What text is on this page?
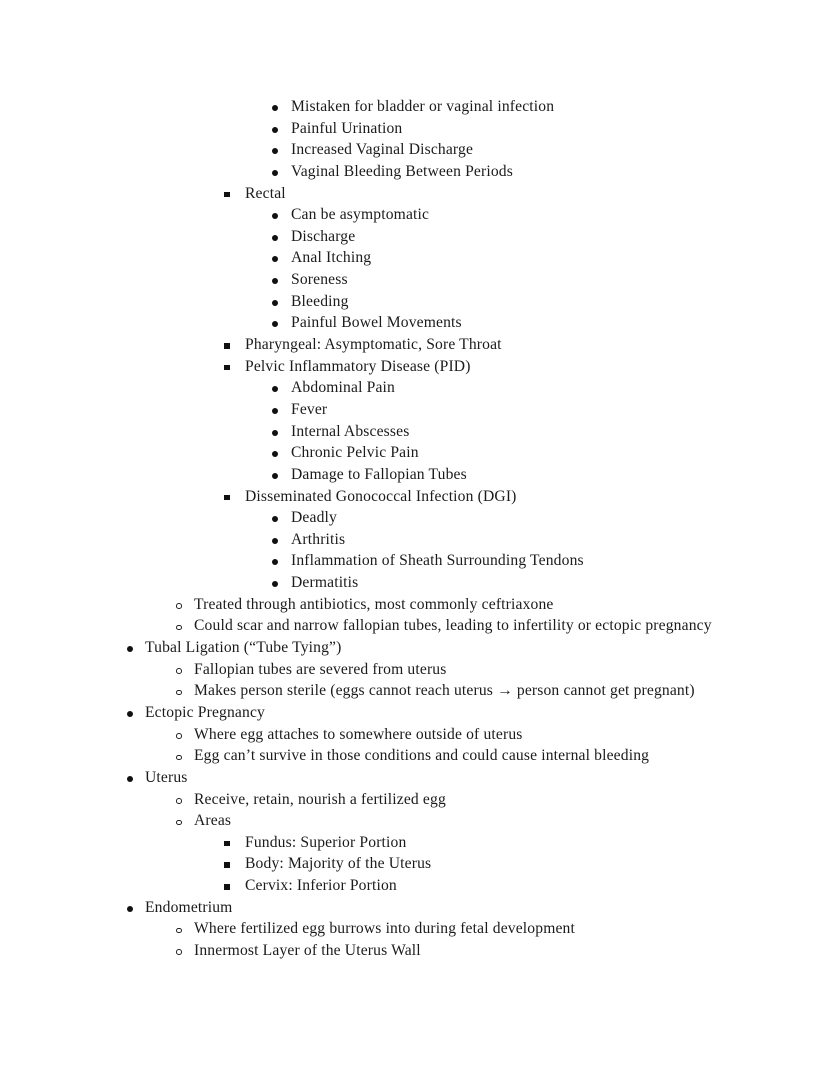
Mistaken for bladder or vaginal infection
Painful Urination
Increased Vaginal Discharge
Vaginal Bleeding Between Periods
Rectal
Can be asymptomatic
Discharge
Anal Itching
Soreness
Bleeding
Painful Bowel Movements
Pharyngeal: Asymptomatic, Sore Throat
Pelvic Inflammatory Disease (PID)
Abdominal Pain
Fever
Internal Abscesses
Chronic Pelvic Pain
Damage to Fallopian Tubes
Disseminated Gonococcal Infection (DGI)
Deadly
Arthritis
Inflammation of Sheath Surrounding Tendons
Dermatitis
Treated through antibiotics, most commonly ceftriaxone
Could scar and narrow fallopian tubes, leading to infertility or ectopic pregnancy
Tubal Ligation (“Tube Tying”)
Fallopian tubes are severed from uterus
Makes person sterile (eggs cannot reach uterus → person cannot get pregnant)
Ectopic Pregnancy
Where egg attaches to somewhere outside of uterus
Egg can’t survive in those conditions and could cause internal bleeding
Uterus
Receive, retain, nourish a fertilized egg
Areas
Fundus: Superior Portion
Body: Majority of the Uterus
Cervix: Inferior Portion
Endometrium
Where fertilized egg burrows into during fetal development
Innermost Layer of the Uterus Wall
